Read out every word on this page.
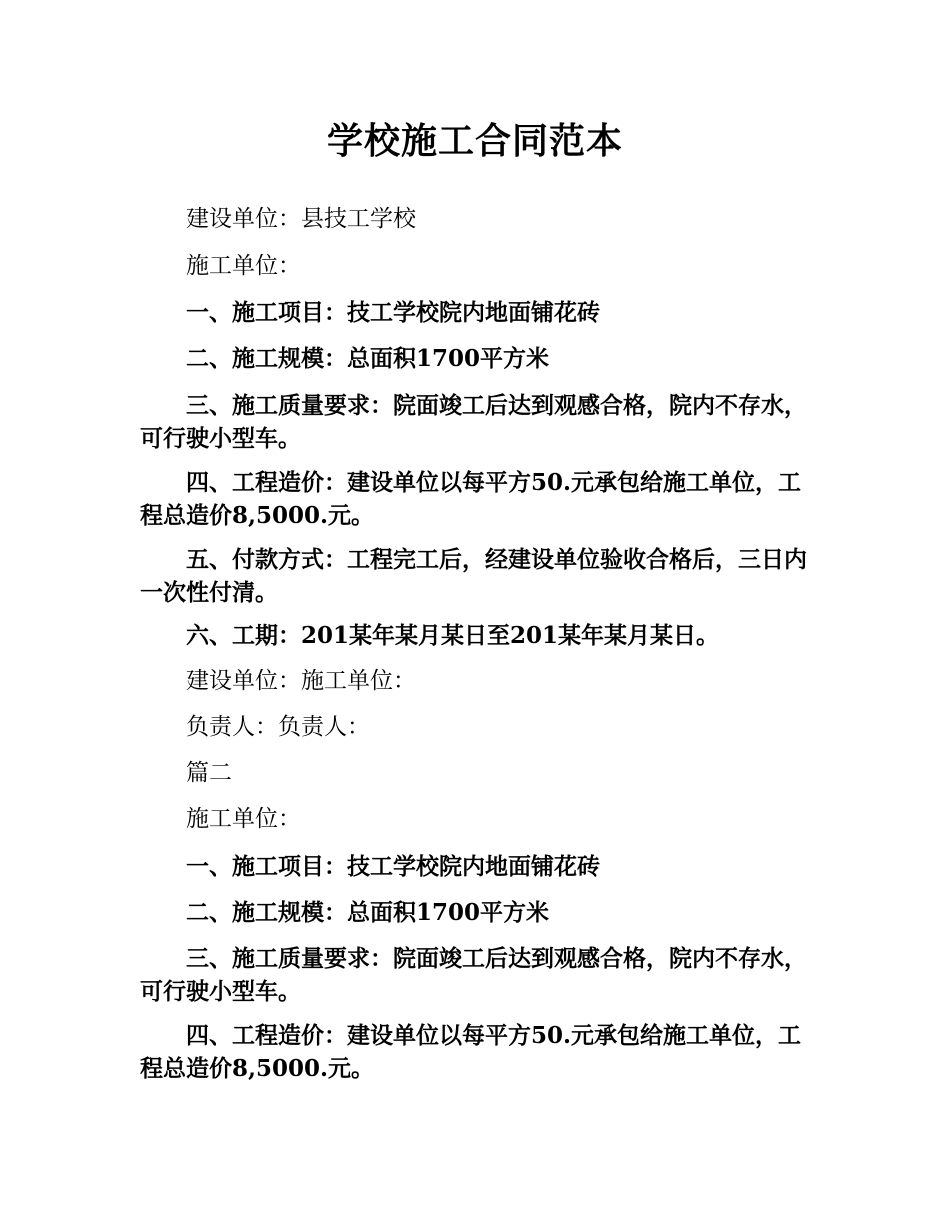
学校施工合同范本

建设单位：县技工学校

施工单位：

一、施工项目：技工学校院内地面铺花砖

二、施工规模：总面积1700平方米

三、施工质量要求：院面竣工后达到观感合格，院内不存水，可行驶小型车。

四、工程造价：建设单位以每平方50.元承包给施工单位，工程总造价8,5000.元。

五、付款方式：工程完工后，经建设单位验收合格后，三日内一次性付清。

六、工期：201某年某月某日至201某年某月某日。

建设单位：施工单位：

负责人：负责人：

篇二

施工单位：

一、施工项目：技工学校院内地面铺花砖

二、施工规模：总面积1700平方米

三、施工质量要求：院面竣工后达到观感合格，院内不存水，可行驶小型车。

四、工程造价：建设单位以每平方50.元承包给施工单位，工程总造价8,5000.元。
